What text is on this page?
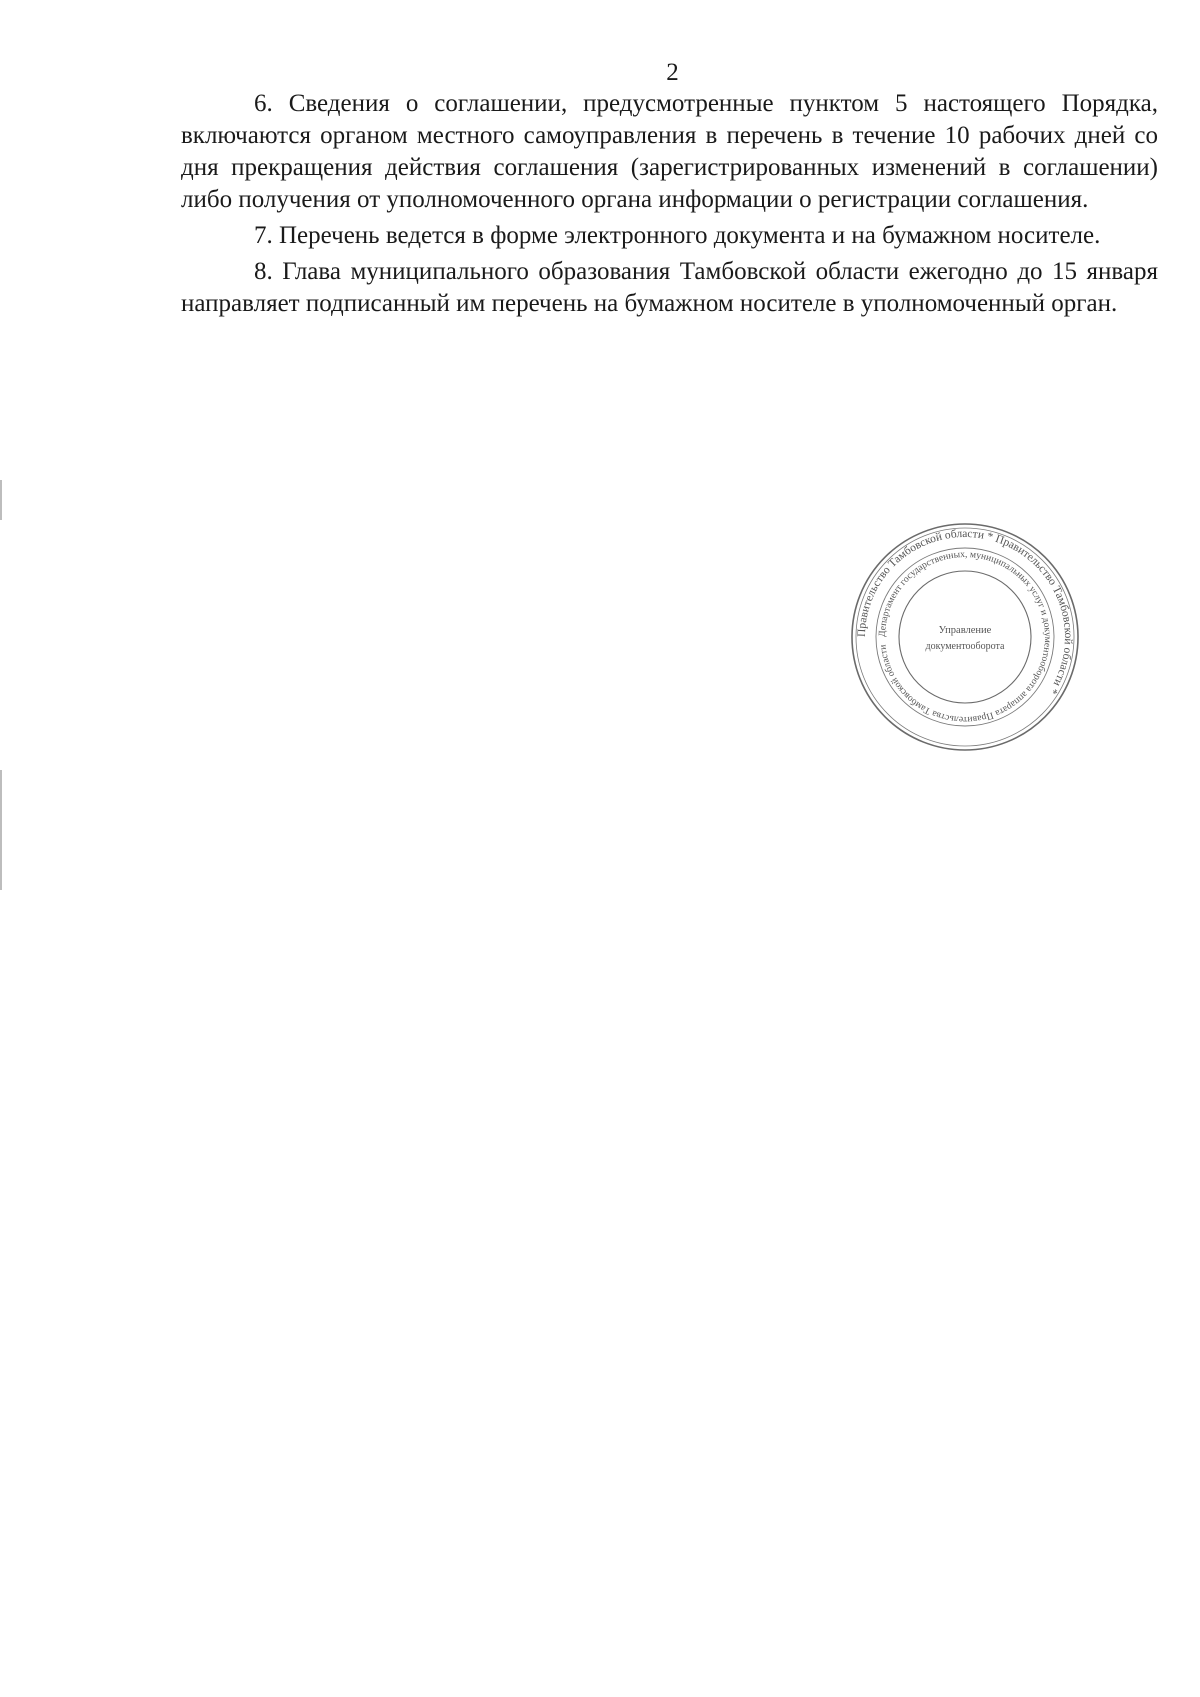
2

6. Сведения о соглашении, предусмотренные пунктом 5 настоящего Порядка, включаются органом местного самоуправления в перечень в течение 10 рабочих дней со дня прекращения действия соглашения (зарегистрированных изменений в соглашении) либо получения от уполномоченного органа информации о регистрации соглашения.

7. Перечень ведется в форме электронного документа и на бумажном носителе.

8. Глава муниципального образования Тамбовской области ежегодно до 15 января направляет подписанный им перечень на бумажном носителе в уполномоченный орган.

Правительство Тамбовской области * Правительство Тамбовской области *
Департамент государственных, муниципальных услуг и документооборота аппарата Правительства Тамбовской области
Управление
документооборота
